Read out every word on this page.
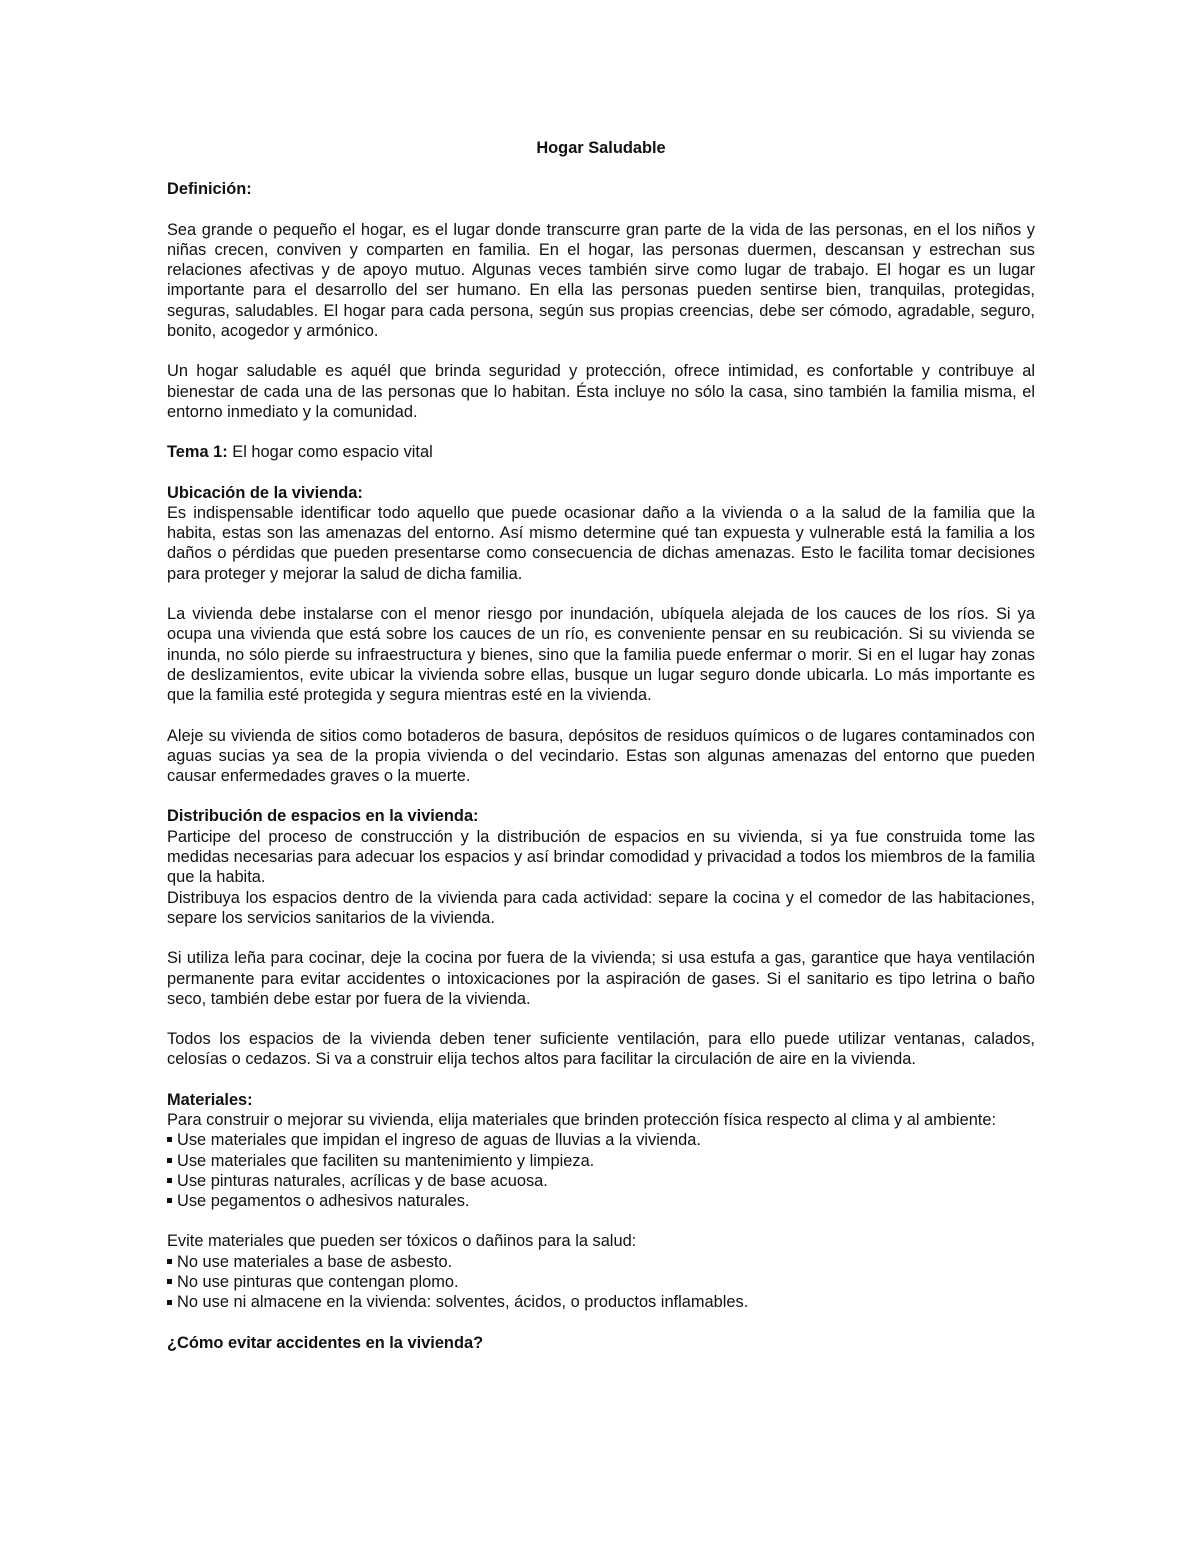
Hogar Saludable
Definición:

Sea grande o pequeño el hogar, es el lugar donde transcurre gran parte de la vida de las personas, en el los niños y niñas crecen, conviven y comparten en familia. En el hogar, las personas duermen, descansan y estrechan sus relaciones afectivas y de apoyo mutuo. Algunas veces también sirve como lugar de trabajo. El hogar es un lugar importante para el desarrollo del ser humano. En ella las personas pueden sentirse bien, tranquilas, protegidas, seguras, saludables. El hogar para cada persona, según sus propias creencias, debe ser cómodo, agradable, seguro, bonito, acogedor y armónico.

Un hogar saludable es aquél que brinda seguridad y protección, ofrece intimidad, es confortable y contribuye al bienestar de cada una de las personas que lo habitan. Ésta incluye no sólo la casa, sino también la familia misma, el entorno inmediato y la comunidad.

Tema 1: El hogar como espacio vital
Ubicación de la vivienda:

Es indispensable identificar todo aquello que puede ocasionar daño a la vivienda o a la salud de la familia que la habita, estas son las amenazas del entorno. Así mismo determine qué tan expuesta y vulnerable está la familia a los daños o pérdidas que pueden presentarse como consecuencia de dichas amenazas. Esto le facilita tomar decisiones para proteger y mejorar la salud de dicha familia.

La vivienda debe instalarse con el menor riesgo por inundación, ubíquela alejada de los cauces de los ríos. Si ya ocupa una vivienda que está sobre los cauces de un río, es conveniente pensar en su reubicación. Si su vivienda se inunda, no sólo pierde su infraestructura y bienes, sino que la familia puede enfermar o morir. Si en el lugar hay zonas de deslizamientos, evite ubicar la vivienda sobre ellas, busque un lugar seguro donde ubicarla. Lo más importante es que la familia esté protegida y segura mientras esté en la vivienda.

Aleje su vivienda de sitios como botaderos de basura, depósitos de residuos químicos o de lugares contaminados con aguas sucias ya sea de la propia vivienda o del vecindario. Estas son algunas amenazas del entorno que pueden causar enfermedades graves o la muerte.

Distribución de espacios en la vivienda:

Participe del proceso de construcción y la distribución de espacios en su vivienda, si ya fue construida tome las medidas necesarias para adecuar los espacios y así brindar comodidad y privacidad a todos los miembros de la familia que la habita.

Distribuya los espacios dentro de la vivienda para cada actividad: separe la cocina y el comedor de las habitaciones, separe los servicios sanitarios de la vivienda.

Si utiliza leña para cocinar, deje la cocina por fuera de la vivienda; si usa estufa a gas, garantice que haya ventilación permanente para evitar accidentes o intoxicaciones por la aspiración de gases. Si el sanitario es tipo letrina o baño seco, también debe estar por fuera de la vivienda.

Todos los espacios de la vivienda deben tener suficiente ventilación, para ello puede utilizar ventanas, calados, celosías o cedazos. Si va a construir elija techos altos para facilitar la circulación de aire en la vivienda.

Materiales:

Para construir o mejorar su vivienda, elija materiales que brinden protección física respecto al clima y al ambiente:

Use materiales que impidan el ingreso de aguas de lluvias a la vivienda.
Use materiales que faciliten su mantenimiento y limpieza.
Use pinturas naturales, acrílicas y de base acuosa.
Use pegamentos o adhesivos naturales.

Evite materiales que pueden ser tóxicos o dañinos para la salud:

No use materiales a base de asbesto.
No use pinturas que contengan plomo.
No use ni almacene en la vivienda: solventes, ácidos, o productos inflamables.
¿Cómo evitar accidentes en la vivienda?
